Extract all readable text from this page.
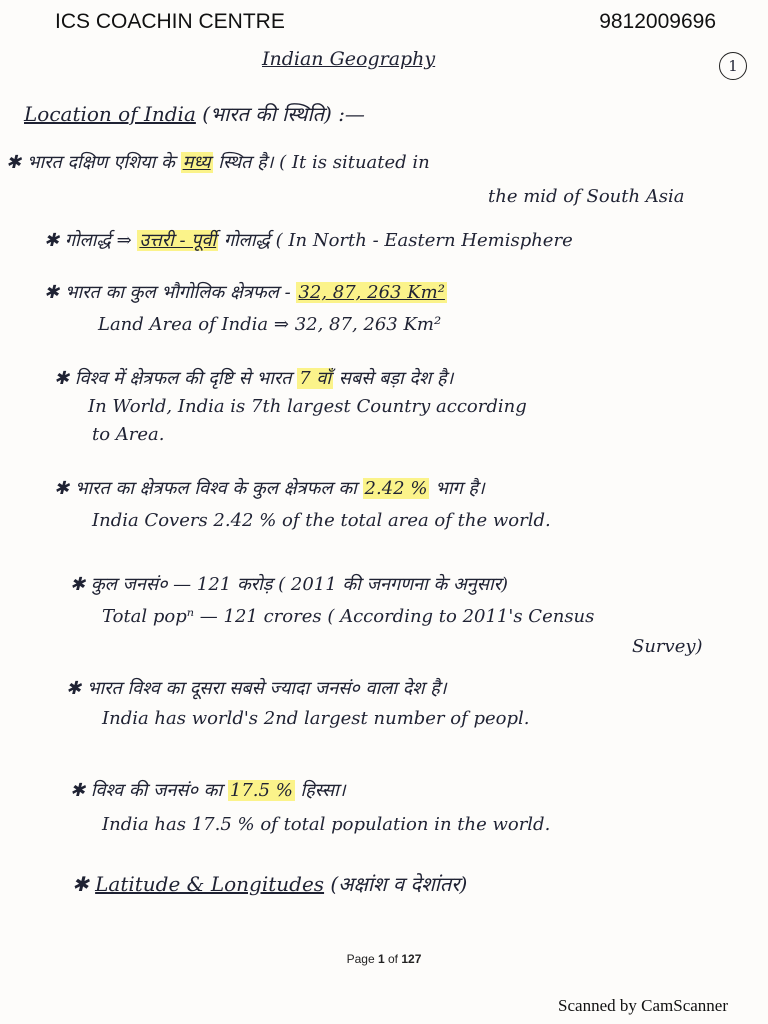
ICS COACHIN CENTRE	9812009696
Indian Geography	1
Location of India (भारत की स्थिति) :—
✱ भारत दक्षिण एशिया के मध्य स्थित है। ( It is situated in
the mid of South Asia
✱ गोलार्द्ध ⇒ उत्तरी - पूर्वी गोलार्द्ध ( In North - Eastern Hemisphere
✱ भारत का कुल भौगोलिक क्षेत्रफल - 32, 87, 263 Km²
Land Area of India ⇒ 32, 87, 263 Km²
✱ विश्व में क्षेत्रफल की दृष्टि से भारत 7 वाँ सबसे बड़ा देश है।
In World, India is 7th largest Country according
to Area.
✱ भारत का क्षेत्रफल विश्व के कुल क्षेत्रफल का 2.42 % भाग है।
India Covers 2.42 % of the total area of the world.
✱ कुल जनसं० — 121 करोड़ ( 2011 की जनगणना के अनुसार)
Total popⁿ — 121 crores ( According to 2011's Census
Survey)
✱ भारत विश्व का दूसरा सबसे ज्यादा जनसं० वाला देश है।
India has world's 2nd largest number of peopl.
✱ विश्व की जनसं० का 17.5 % हिस्सा।
India has 17.5 % of total population in the world.
✱ Latitude & Longitudes (अक्षांश व देशांतर)
Page 1 of 127
Scanned by CamScanner
